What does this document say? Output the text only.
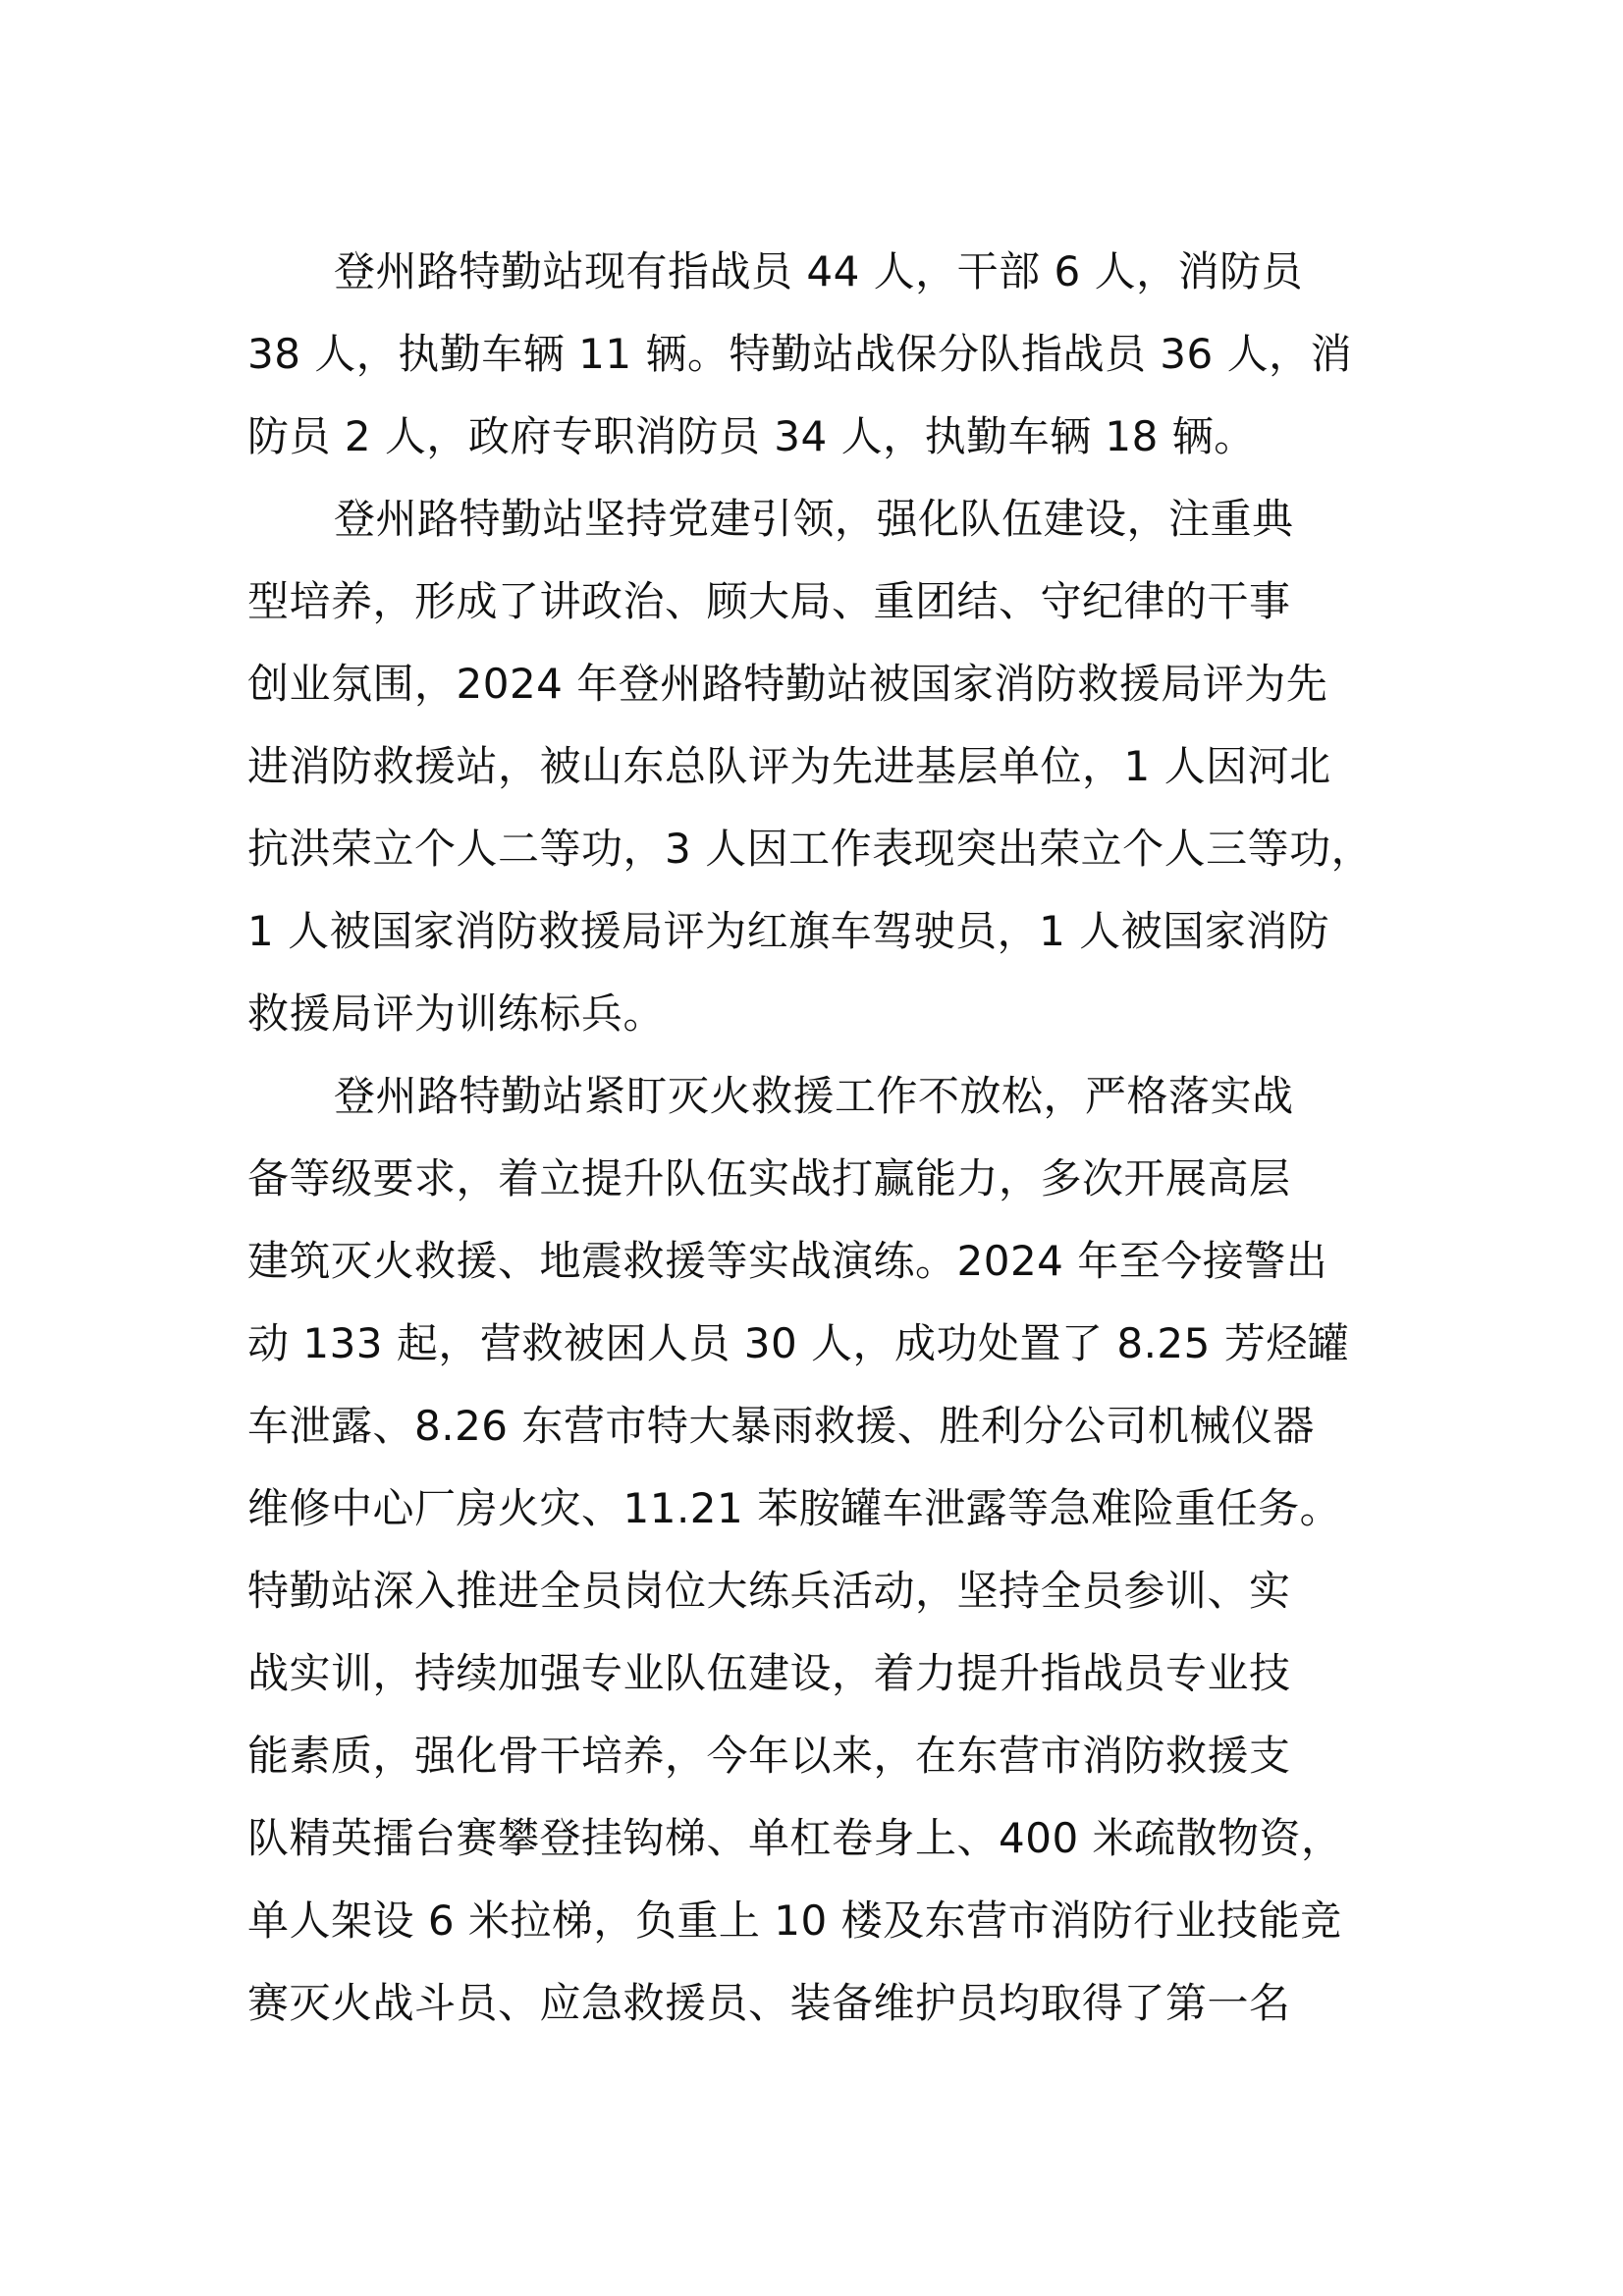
登州路特勤站现有指战员 44 人，干部 6 人，消防员
38 人，执勤车辆 11 辆。特勤站战保分队指战员 36 人，消
防员 2 人，政府专职消防员 34 人，执勤车辆 18 辆。
登州路特勤站坚持党建引领，强化队伍建设，注重典
型培养，形成了讲政治、顾大局、重团结、守纪律的干事
创业氛围，2024 年登州路特勤站被国家消防救援局评为先
进消防救援站，被山东总队评为先进基层单位，1 人因河北
抗洪荣立个人二等功，3 人因工作表现突出荣立个人三等功，
1 人被国家消防救援局评为红旗车驾驶员，1 人被国家消防
救援局评为训练标兵。
登州路特勤站紧盯灭火救援工作不放松，严格落实战
备等级要求，着立提升队伍实战打赢能力，多次开展高层
建筑灭火救援、地震救援等实战演练。2024 年至今接警出
动 133 起，营救被困人员 30 人，成功处置了 8.25 芳烃罐
车泄露、8.26 东营市特大暴雨救援、胜利分公司机械仪器
维修中心厂房火灾、11.21 苯胺罐车泄露等急难险重任务。
特勤站深入推进全员岗位大练兵活动，坚持全员参训、实
战实训，持续加强专业队伍建设，着力提升指战员专业技
能素质，强化骨干培养，今年以来，在东营市消防救援支
队精英擂台赛攀登挂钩梯、单杠卷身上、400 米疏散物资，
单人架设 6 米拉梯，负重上 10 楼及东营市消防行业技能竞
赛灭火战斗员、应急救援员、装备维护员均取得了第一名
